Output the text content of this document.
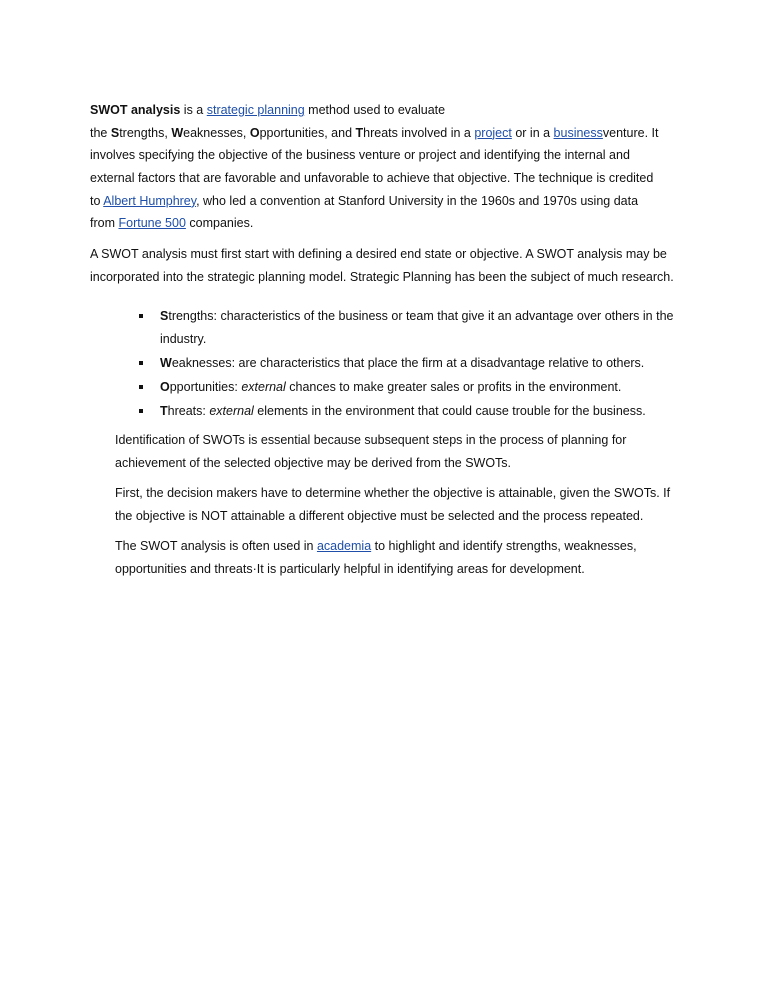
SWOT analysis is a strategic planning method used to evaluate
the Strengths, Weaknesses, Opportunities, and Threats involved in a project or in a businessventure. It
involves specifying the objective of the business venture or project and identifying the internal and
external factors that are favorable and unfavorable to achieve that objective. The technique is credited
to Albert Humphrey, who led a convention at Stanford University in the 1960s and 1970s using data
from Fortune 500 companies.

A SWOT analysis must first start with defining a desired end state or objective. A SWOT analysis may be
incorporated into the strategic planning model. Strategic Planning has been the subject of much research.

Strengths: characteristics of the business or team that give it an advantage over others in the
industry.
Weaknesses: are characteristics that place the firm at a disadvantage relative to others.
Opportunities: external chances to make greater sales or profits in the environment.
Threats: external elements in the environment that could cause trouble for the business.

Identification of SWOTs is essential because subsequent steps in the process of planning for
achievement of the selected objective may be derived from the SWOTs.

First, the decision makers have to determine whether the objective is attainable, given the SWOTs. If
the objective is NOT attainable a different objective must be selected and the process repeated.

The SWOT analysis is often used in academia to highlight and identify strengths, weaknesses,
opportunities and threats·It is particularly helpful in identifying areas for development.
